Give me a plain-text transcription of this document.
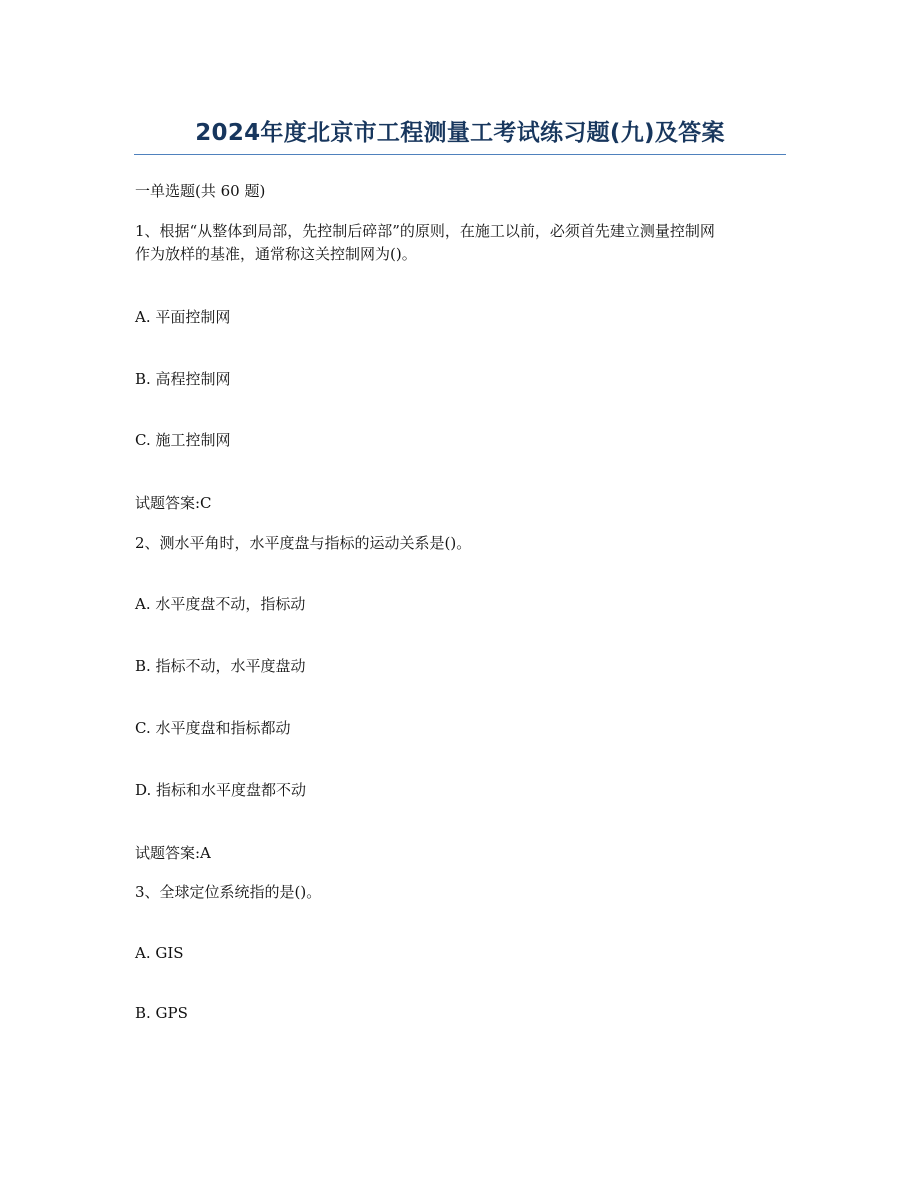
2024年度北京市工程测量工考试练习题(九)及答案
一单选题(共 60 题)
1、根据“从整体到局部，先控制后碎部”的原则，在施工以前，必须首先建立测量控制网
作为放样的基准，通常称这关控制网为()。
A. 平面控制网
B. 高程控制网
C. 施工控制网
试题答案:C
2、测水平角时，水平度盘与指标的运动关系是()。
A. 水平度盘不动，指标动
B. 指标不动，水平度盘动
C. 水平度盘和指标都动
D. 指标和水平度盘都不动
试题答案:A
3、全球定位系统指的是()。
A. GIS
B. GPS
